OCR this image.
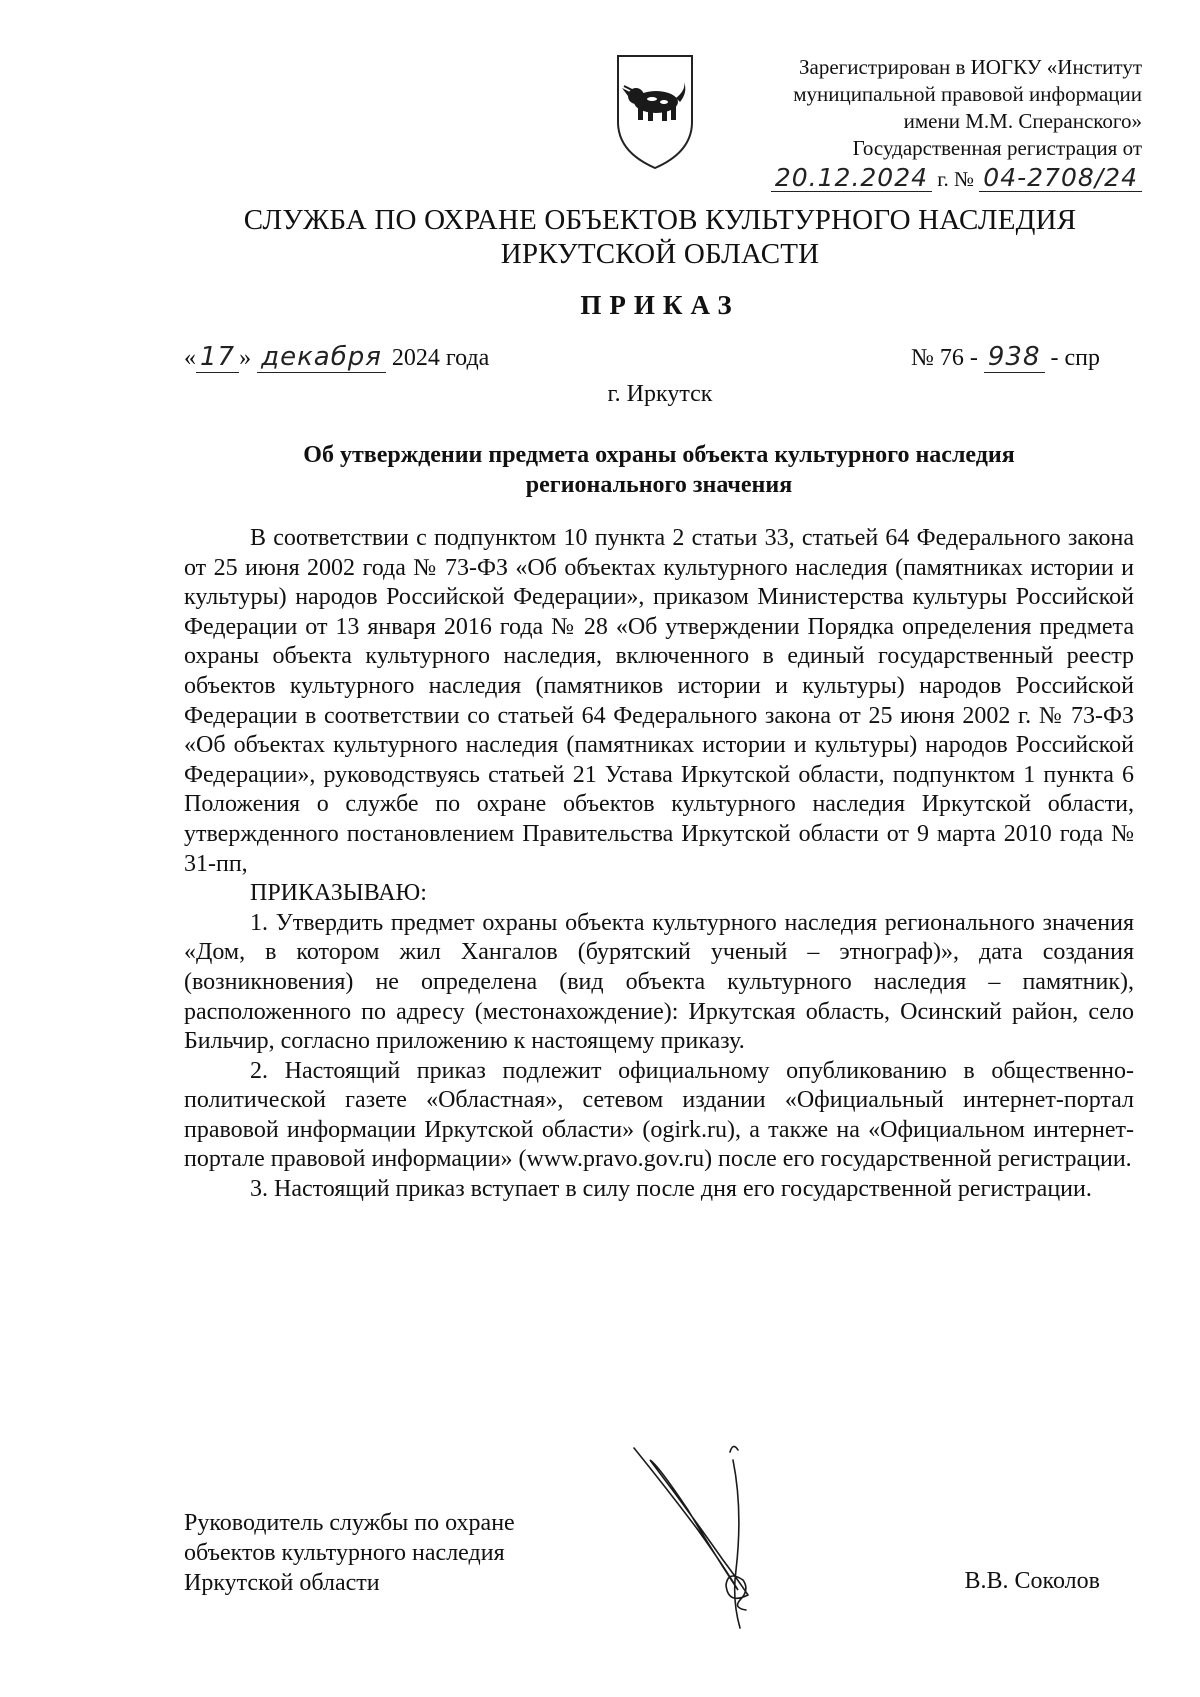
Зарегистрирован в ИОГКУ «Институт
муниципальной правовой информации
имени М.М. Сперанского»
Государственная регистрация от
20.12.2024 г. № 04-2708/24
СЛУЖБА ПО ОХРАНЕ ОБЪЕКТОВ КУЛЬТУРНОГО НАСЛЕДИЯ
ИРКУТСКОЙ ОБЛАСТИ
ПРИКАЗ
« 17 » декабря 2024 года	№ 76 - 938 - спр
г. Иркутск
Об утверждении предмета охраны объекта культурного наследия
регионального значения

В соответствии с подпунктом 10 пункта 2 статьи 33, статьей 64 Федерального закона от 25 июня 2002 года № 73-ФЗ «Об объектах культурного наследия (памятниках истории и культуры) народов Российской Федерации», приказом Министерства культуры Российской Федерации от 13 января 2016 года № 28 «Об утверждении Порядка определения предмета охраны объекта культурного наследия, включенного в единый государственный реестр объектов культурного наследия (памятников истории и культуры) народов Российской Федерации в соответствии со статьей 64 Федерального закона от 25 июня 2002 г. № 73-ФЗ «Об объектах культурного наследия (памятниках истории и культуры) народов Российской Федерации», руководствуясь статьей 21 Устава Иркутской области, подпунктом 1 пункта 6 Положения о службе по охране объектов культурного наследия Иркутской области, утвержденного постановлением Правительства Иркутской области от 9 марта 2010 года № 31-пп,

ПРИКАЗЫВАЮ:

1. Утвердить предмет охраны объекта культурного наследия регионального значения «Дом, в котором жил Хангалов (бурятский ученый – этнограф)», дата создания (возникновения) не определена (вид объекта культурного наследия – памятник), расположенного по адресу (местонахождение): Иркутская область, Осинский район, село Бильчир, согласно приложению к настоящему приказу.

2. Настоящий приказ подлежит официальному опубликованию в общественно-политической газете «Областная», сетевом издании «Официальный интернет-портал правовой информации Иркутской области» (ogirk.ru), а также на «Официальном интернет-портале правовой информации» (www.pravo.gov.ru) после его государственной регистрации.

3. Настоящий приказ вступает в силу после дня его государственной регистрации.

Руководитель службы по охране
объектов культурного наследия
Иркутской области	В.В. Соколов
